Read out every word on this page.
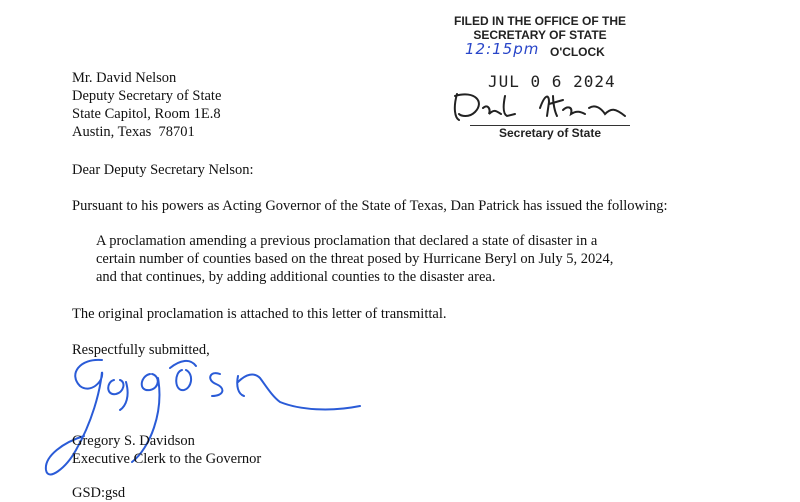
FILED IN THE OFFICE OF THE
SECRETARY OF STATE
12:15pm O'CLOCK
JUL 0 6 2024
Secretary of State
Mr. David Nelson
Deputy Secretary of State
State Capitol, Room 1E.8
Austin, Texas  78701
Dear Deputy Secretary Nelson:
Pursuant to his powers as Acting Governor of the State of Texas, Dan Patrick has issued the following:
A proclamation amending a previous proclamation that declared a state of disaster in a
certain number of counties based on the threat posed by Hurricane Beryl on July 5, 2024,
and that continues, by adding additional counties to the disaster area.
The original proclamation is attached to this letter of transmittal.
Respectfully submitted,
Gregory S. Davidson
Executive Clerk to the Governor
GSD:gsd
